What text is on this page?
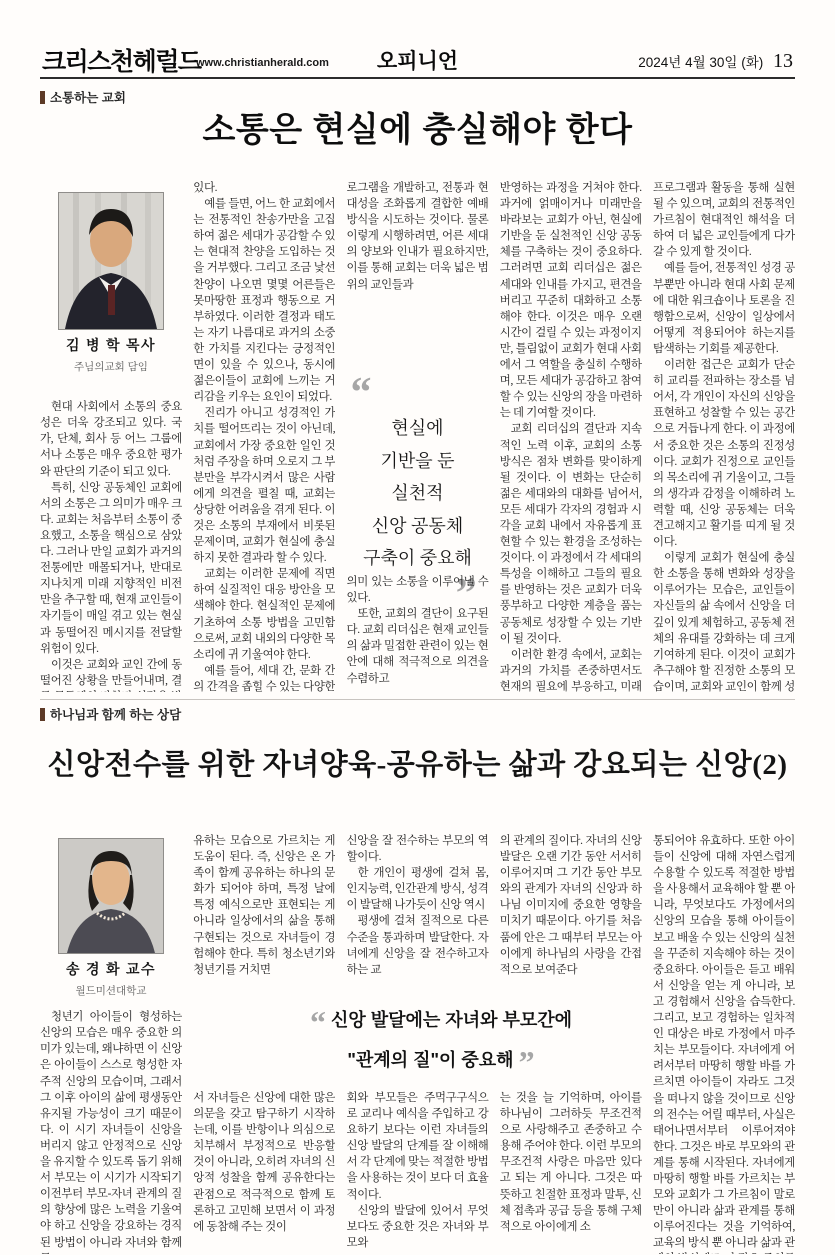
크리스천헤럴드
www.christianherald.com	오피니언	2024년 4월 30일 (화) 13
소통하는 교회
소통은 현실에 충실해야 한다
김 병 학 목사
주님의교회 담임

현대 사회에서 소통의 중요성은 더욱 강조되고 있다. 국가, 단체, 회사 등 어느 그룹에서나 소통은 매우 중요한 평가와 판단의 기준이 되고 있다.

특히, 신앙 공동체인 교회에서의 소통은 그 의미가 매우 크다. 교회는 처음부터 소통이 중요했고, 소통을 핵심으로 삼았다. 그러나 만일 교회가 과거의 전통에만 매몰되거나, 반대로 지나치게 미래 지향적인 비전만을 추구할 때, 현재 교인들이 자기들이 매일 겪고 있는 현실과 동떨어진 메시지를 전달할 위험이 있다.

이것은 교회와 교인 간에 동떨어진 상황을 만들어내며, 결

있다.

예를 들면, 어느 한 교회에서는 전통적인 찬송가만을 고집하여 젊은 세대가 공감할 수 있는 현대적 찬양을 도입하는 것을 거부했다. 그리고 조금 낯선 찬양이 나오면 몇몇 어른들은 못마땅한 표정과 행동으로 거부하였다. 이러한 결정과 태도는 자기 나름대로 과거의 소중한 가치를 지킨다는 긍정적인 면이 있을 수 있으나, 동시에 젊은이들이 교회에 느끼는 거리감을 키우는 요인이 되었다.

진리가 아니고 성경적인 가치를 떨어뜨리는 것이 아닌데, 교회에서 가장 중요한 일인 것처럼 주장을 하며 오로지 그 부분만을 부각시켜서 많은 사람에게 의견을 펼칠 때, 교회는 상당한 어려움을 겪게 된다. 이것은 소통의 부재에서 비롯된 문제이며, 교회가 현실에 충실하지 못한 결과라 할 수 있다.

교회는 이러한 문제에 직면하여 실질적인 대응 방안을 모색해야 한다. 현실적인 문제에 기초하여 소통 방법을 고민함으로써, 교회 내외의 다양한 목소리에 귀 기울여야 한다.

예를 들어, 세대 간, 문화 간의 간격을 좁힐 수 있는 다양한

로그램을 개발하고, 전통과 현대성을 조화롭게 결합한 예배 방식을 시도하는 것이다. 물론 이렇게 시행하려면, 어른 세대의 양보와 인내가 필요하지만, 이를 통해 교회는 더욱 넓은 범위의 교인들과

“

현실에

기반을 둔

실천적

신앙 공동체

구축이 중요해

”

의미 있는 소통을 이루어낼 수 있다.

또한, 교회의 결단이 요구된다. 교회 리더십은 현재 교인들의 삶과 밀접한 관련이 있는 현안에 대해 적극적으로 의견을 수렴하고

반영하는 과정을 거쳐야 한다. 과거에 얽매이거나 미래만을 바라보는 교회가 아닌, 현실에 기반을 둔 실천적인 신앙 공동체를 구축하는 것이 중요하다. 그러려면 교회 리더십은 젊은 세대와 인내를 가지고, 편견을 버리고 꾸준히 대화하고 소통해야 한다. 이것은 매우 오랜 시간이 걸릴 수 있는 과정이지만, 틀림없이 교회가 현대 사회에서 그 역할을 충실히 수행하며, 모든 세대가 공감하고 참여할 수 있는 신앙의 장을 마련하는 데 기여할 것이다.

교회 리더십의 결단과 지속적인 노력 이후, 교회의 소통 방식은 점차 변화를 맞이하게 될 것이다. 이 변화는 단순히 젊은 세대와의 대화를 넘어서, 모든 세대가 각자의 경험과 시각을 교회 내에서 자유롭게 표현할 수 있는 환경을 조성하는 것이다. 이 과정에서 각 세대의 특성을 이해하고 그들의 필요를 반영하는 것은 교회가 더욱 풍부하고 다양한 계층을 품는 공동체로 성장할 수 있는 기반이 될 것이다.

이러한 환경 속에서, 교회는 과거의 가치를 존중하면서도 현재의 필요에 부응하고, 미래

프로그램과 활동을 통해 실현될 수 있으며, 교회의 전통적인 가르침이 현대적인 해석을 더 하여 더 넓은 교인들에게 다가갈 수 있게 할 것이다.

예를 들어, 전통적인 성경 공부뿐만 아니라 현대 사회 문제에 대한 워크숍이나 토론을 진행함으로써, 신앙이 일상에서 어떻게 적용되어야 하는지를 탐색하는 기회를 제공한다.

이러한 접근은 교회가 단순히 교리를 전파하는 장소를 넘어서, 각 개인이 자신의 신앙을 표현하고 성찰할 수 있는 공간으로 거듭나게 한다. 이 과정에서 중요한 것은 소통의 진정성이다. 교회가 진정으로 교인들의 목소리에 귀 기울이고, 그들의 생각과 감정을 이해하려 노력할 때, 신앙 공동체는 더욱 견고해지고 활기를 띠게 될 것이다.

이렇게 교회가 현실에 충실한 소통을 통해 변화와 성장을 이루어가는 모습은, 교인들이 자신들의 삶 속에서 신앙을 더 깊이 있게 체험하고, 공동체 전체의 유대를 강화하는 데 크게 기여하게 된다. 이것이 교회가 추구해야 할 진정한 소통의 모습이며, 교회와 교인이 함께 성

하나님과 함께 하는 상담
신앙전수를 위한 자녀양육-공유하는 삶과 강요되는 신앙(2)
송 경 화 교수
월드미션대학교

청년기 아이들이 형성하는 신앙의 모습은 매우 중요한 의미가 있는데, 왜냐하면 이 신앙은 아이들이 스스로 형성한 자주적 신앙의 모습이며, 그래서 그 이후 아이의 삶에 평생동안 유지될 가능성이 크기 때문이다. 이 시기 자녀들이 신앙을 버리지 않고 안정적으로 신앙을 유지할 수 있도록 돕기 위해서 부모는 이 시기가 시작되기 이전부터 부모-자녀 관계의 질의 향상에 많은 노력을 기울여야 하고 신앙을 강요하는 경직된 방법이 아니라 자녀와 함께

유하는 모습으로 가르치는 게 도움이 된다. 즉, 신앙은 온 가족이 함께 공유하는 하나의 문화가 되어야 하며, 특정 날에 특정 예식으로만 표현되는 게 아니라 일상에서의 삶을 통해 구현되는 것으로 자녀들이 경험해야 한다. 특히 청소년기와 청년기를 거치면

서 자녀들은 신앙에 대한 많은 의문을 갖고 탐구하기 시작하는데, 이를 반항이나 의심으로 치부해서 부정적으로 반응할 것이 아니라, 오히려 자녀의 신앙적 성찰을 함께 공유한다는 관점으로 적극적으로 함께 토론하고 고민해 보면서 이 과정에 동참해 주는 것이

신앙을 잘 전수하는 부모의 역할이다.

한 개인이 평생에 걸쳐 몸, 인지능력, 인간관계 방식, 성격이 발달해 나가듯이 신앙 역시

평생에 걸쳐 질적으로 다른 수준을 통과하며 발달한다. 자녀에게 신앙을 잘 전수하고자 하는 교

회와 부모들은 주먹구구식으로 교리나 예식을 주입하고 강요하기 보다는 이런 자녀들의 신앙 발달의 단계를 잘 이해해서 각 단계에 맞는 적절한 방법을 사용하는 것이 보다 더 효율적이다.

신앙의 발달에 있어서 무엇보다도 중요한 것은 자녀와 부모와

의 관계의 질이다. 자녀의 신앙발달은 오랜 기간 동안 서서히 이루어지며 그 기간 동안 부모와의 관계가 자녀의 신앙과 하나님 이미지에 중요한 영향을 미치기 때문이다. 아기를 처음 품에 안은 그 때부터 부모는 아이에게 하나님의 사랑을 간접적으로 보여준다

는 것을 늘 기억하며, 아이를 하나님이 그러하듯 무조건적으로 사랑해주고 존중하고 수용해 주어야 한다. 이런 부모의 무조건적 사랑은 마음만 있다고 되는 게 아니다. 그것은 따뜻하고 친절한 표정과 말투, 신체 접촉과 공급 등을 통해 구체적으로 아이에게 소

통되어야 유효하다. 또한 아이들이 신앙에 대해 자연스럽게 수용할 수 있도록 적절한 방법을 사용해서 교육해야 할 뿐 아니라, 무엇보다도 가정에서의 신앙의 모습을 통해 아이들이 보고 배울 수 있는 신앙의 실천을 꾸준히 지속해야 하는 것이 중요하다. 아이들은 듣고 배워서 신앙을 얻는 게 아니라, 보고 경험해서 신앙을 습득한다. 그리고, 보고 경험하는 일차적인 대상은 바로 가정에서 마주치는 부모들이다. 자녀에게 어려서부터 마땅히 행할 바를 가르치면 아이들이 자라도 그것을 떠나지 않을 것이므로 신앙의 전수는 어릴 때부터, 사실은 태어나면서부터 이루어져야 한다. 그것은 바로 부모와의 관계를 통해 시작된다. 자녀에게 마땅히 행할 바를 가르치는 부모와 교회가 그 가르침이 말로만이 아니라 삶과 관계를 통해 이루어진다는 것을 기억하여, 교육의 방식 뿐 아니라 삶과 관

“ 신앙 발달에는 자녀와 부모간에
"관계의 질"이 중요해 ”
